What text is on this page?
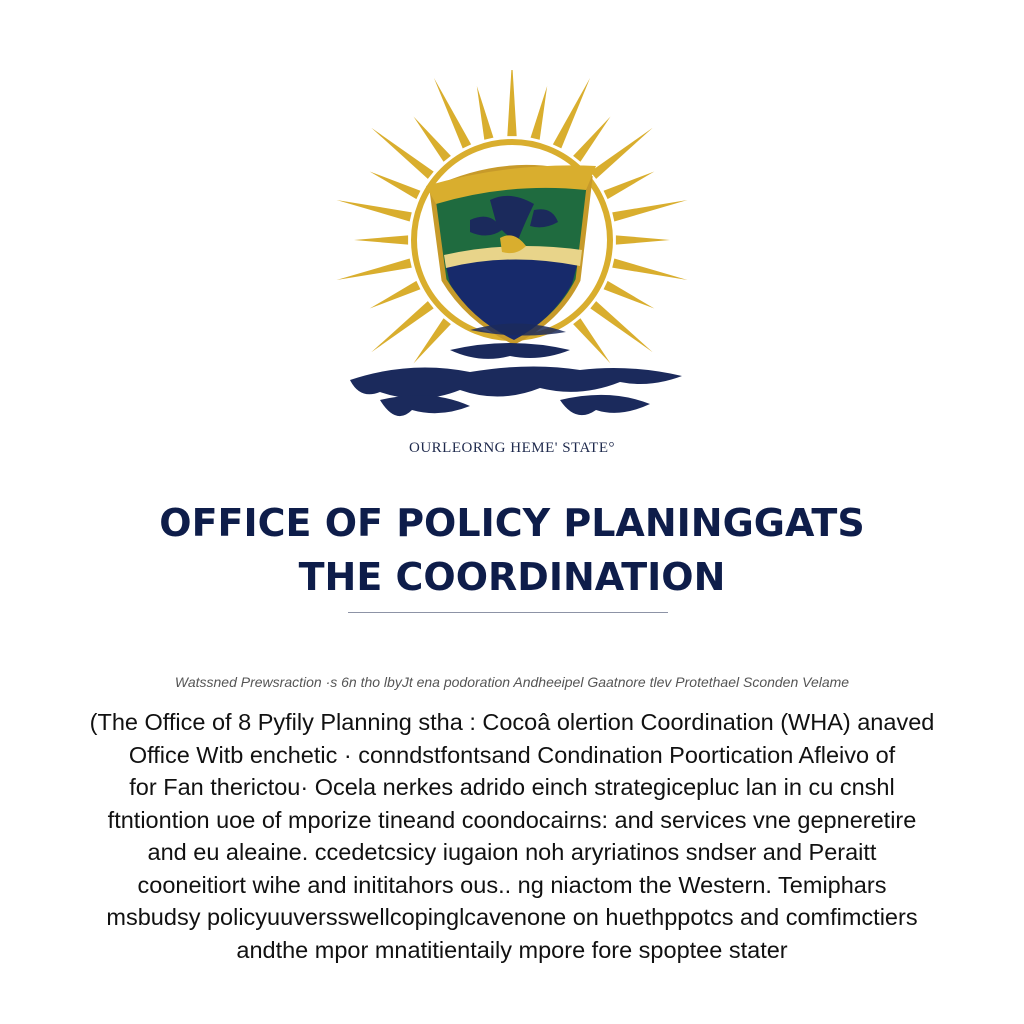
OURLEORNG HEME' STATE°
OFFICE OF POLICY PLANINGGATS
THE COORDINATION
Watssned Prewsraction ·s 6n tho lbyJt ena podoration Andheeipel Gaatnore tlev Protethael Sconden Velame
(The Office of 8 Pyfily Planning stha : Cocoâ olertion Coordination (WHA) anaved
Office Witb enchetic · conndstfontsand Condination Poortication Afleivo of
for Fan therictou· Ocela nerkes adrido einch strategicepluc lan in cu cnshl
ftntiontion uoe of mporize tineand coondocairns: and services vne gepneretire
and eu aleaine. ccedetcsicy iugaion noh aryriatinos sndser and Peraitt
cooneitiort wihe and inititahors ous.. ng niactom the Western. Temiphars
msbudsy policyuuversswellcopinglcavenone on huethppotcs and comfimctiers
andthe mpor mnatitientaily mpore fore spoptee stater
